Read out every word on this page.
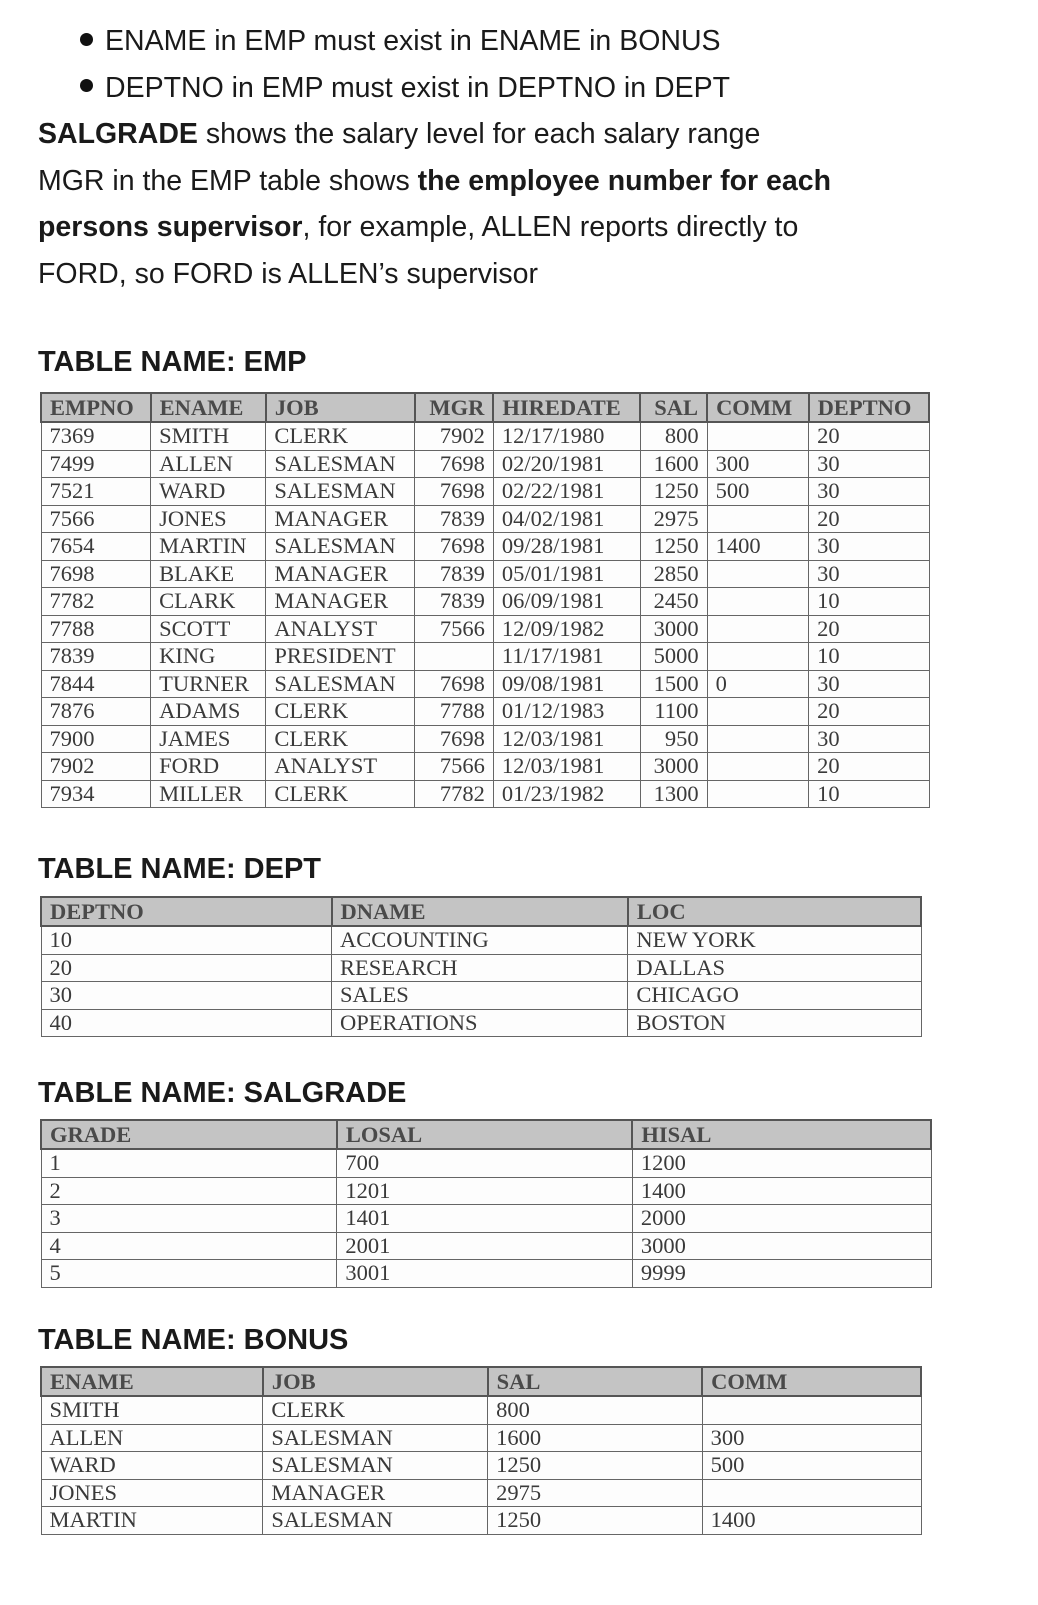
ENAME in EMP must exist in ENAME in BONUS

DEPTNO in EMP must exist in DEPTNO in DEPT

SALGRADE shows the salary level for each salary range

MGR in the EMP table shows the employee number for each
persons supervisor, for example, ALLEN reports directly to
FORD, so FORD is ALLEN’s supervisor

TABLE NAME: EMP
EMPNO	ENAME	JOB	MGR	HIREDATE	SAL	COMM	DEPTNO
7369	SMITH	CLERK	7902	12/17/1980	800		20
7499	ALLEN	SALESMAN	7698	02/20/1981	1600	300	30
7521	WARD	SALESMAN	7698	02/22/1981	1250	500	30
7566	JONES	MANAGER	7839	04/02/1981	2975		20
7654	MARTIN	SALESMAN	7698	09/28/1981	1250	1400	30
7698	BLAKE	MANAGER	7839	05/01/1981	2850		30
7782	CLARK	MANAGER	7839	06/09/1981	2450		10
7788	SCOTT	ANALYST	7566	12/09/1982	3000		20
7839	KING	PRESIDENT		11/17/1981	5000		10
7844	TURNER	SALESMAN	7698	09/08/1981	1500	0	30
7876	ADAMS	CLERK	7788	01/12/1983	1100		20
7900	JAMES	CLERK	7698	12/03/1981	950		30
7902	FORD	ANALYST	7566	12/03/1981	3000		20
7934	MILLER	CLERK	7782	01/23/1982	1300		10
TABLE NAME: DEPT
DEPTNO	DNAME	LOC
10	ACCOUNTING	NEW YORK
20	RESEARCH	DALLAS
30	SALES	CHICAGO
40	OPERATIONS	BOSTON
TABLE NAME: SALGRADE
GRADE	LOSAL	HISAL
1	700	1200
2	1201	1400
3	1401	2000
4	2001	3000
5	3001	9999
TABLE NAME: BONUS
ENAME	JOB	SAL	COMM
SMITH	CLERK	800	
ALLEN	SALESMAN	1600	300
WARD	SALESMAN	1250	500
JONES	MANAGER	2975	
MARTIN	SALESMAN	1250	1400
